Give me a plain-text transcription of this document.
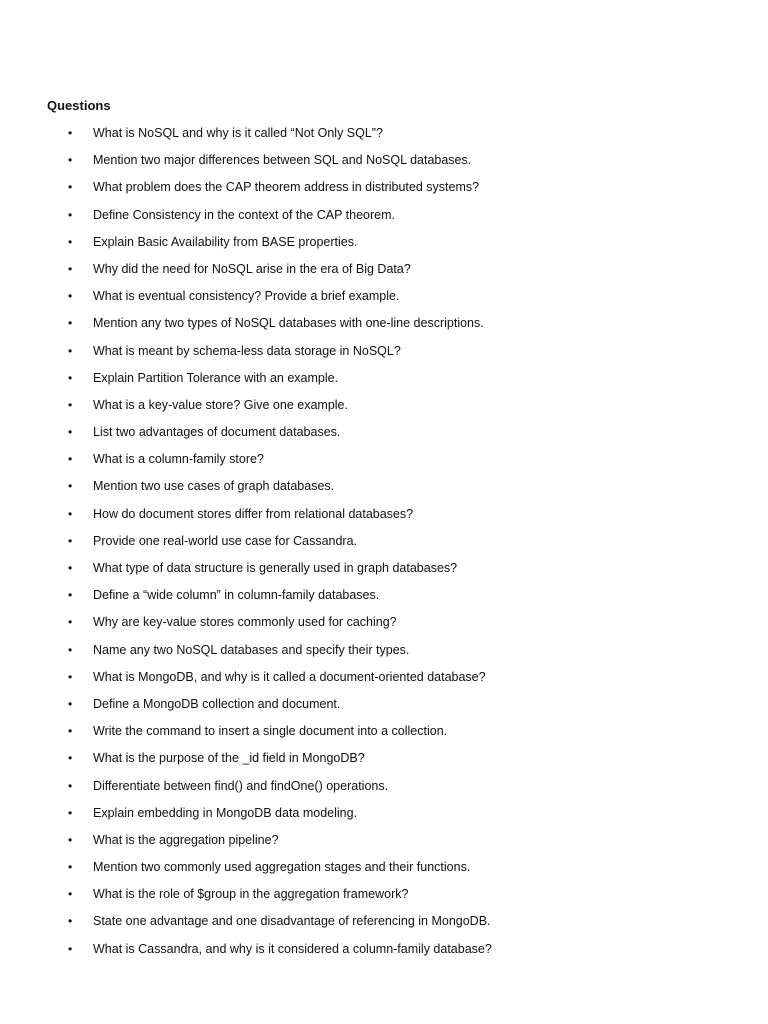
Questions

• What is NoSQL and why is it called “Not Only SQL”?
• Mention two major differences between SQL and NoSQL databases.
• What problem does the CAP theorem address in distributed systems?
• Define Consistency in the context of the CAP theorem.
• Explain Basic Availability from BASE properties.
• Why did the need for NoSQL arise in the era of Big Data?
• What is eventual consistency? Provide a brief example.
• Mention any two types of NoSQL databases with one-line descriptions.
• What is meant by schema-less data storage in NoSQL?
• Explain Partition Tolerance with an example.
• What is a key-value store? Give one example.
• List two advantages of document databases.
• What is a column-family store?
• Mention two use cases of graph databases.
• How do document stores differ from relational databases?
• Provide one real-world use case for Cassandra.
• What type of data structure is generally used in graph databases?
• Define a “wide column” in column-family databases.
• Why are key-value stores commonly used for caching?
• Name any two NoSQL databases and specify their types.
• What is MongoDB, and why is it called a document-oriented database?
• Define a MongoDB collection and document.
• Write the command to insert a single document into a collection.
• What is the purpose of the _id field in MongoDB?
• Differentiate between find() and findOne() operations.
• Explain embedding in MongoDB data modeling.
• What is the aggregation pipeline?
• Mention two commonly used aggregation stages and their functions.
• What is the role of $group in the aggregation framework?
• State one advantage and one disadvantage of referencing in MongoDB.
• What is Cassandra, and why is it considered a column-family database?
